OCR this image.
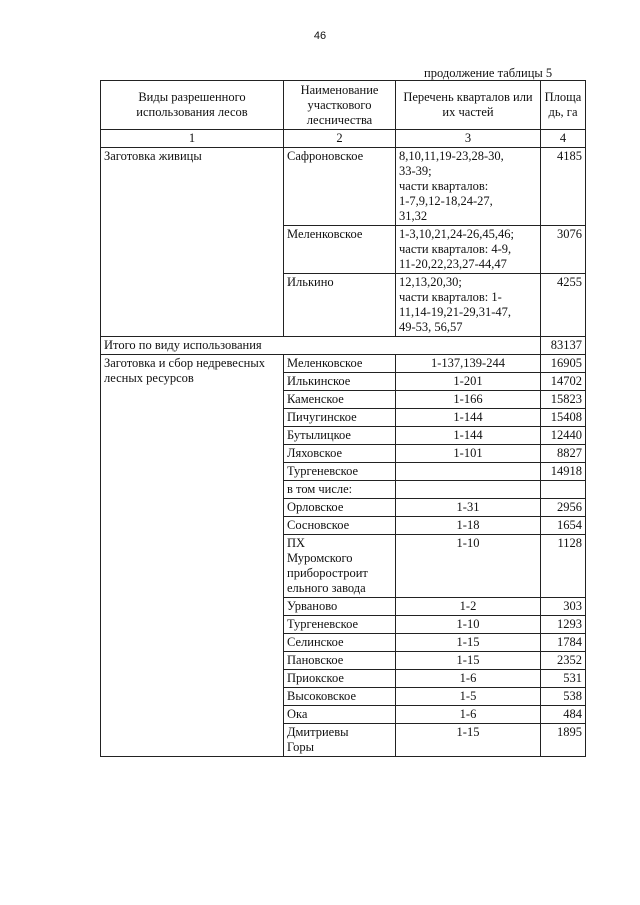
46
продолжение таблицы 5
Виды разрешенного использования лесов	Наименование участкового лесничества	Перечень кварталов или их частей	Площа дь, га
1	2	3	4
Заготовка живицы	Сафроновское	8,10,11,19-23,28-30,
33-39;
части кварталов:
1-7,9,12-18,24-27,
31,32	4185
	Меленковское	1-3,10,21,24-26,45,46;
части кварталов: 4-9,
11-20,22,23,27-44,47	3076
	Илькино	12,13,20,30;
части кварталов: 1-
11,14-19,21-29,31-47,
49-53, 56,57	4255
Итого по виду использования			83137
Заготовка и сбор недревесных лесных ресурсов	Меленковское	1-137,139-244	16905
	Илькинское	1-201	14702
	Каменское	1-166	15823
	Пичугинское	1-144	15408
	Бутылицкое	1-144	12440
	Ляховское	1-101	8827
	Тургеневское		14918
	в том числе:		
	Орловское	1-31	2956
	Сосновское	1-18	1654
	ПХ
Муромского
приборостроит
ельного завода	1-10	1128
	Урваново	1-2	303
	Тургеневское	1-10	1293
	Селинское	1-15	1784
	Пановское	1-15	2352
	Приокское	1-6	531
	Высоковское	1-5	538
	Ока	1-6	484
	Дмитриевы
Горы	1-15	1895
